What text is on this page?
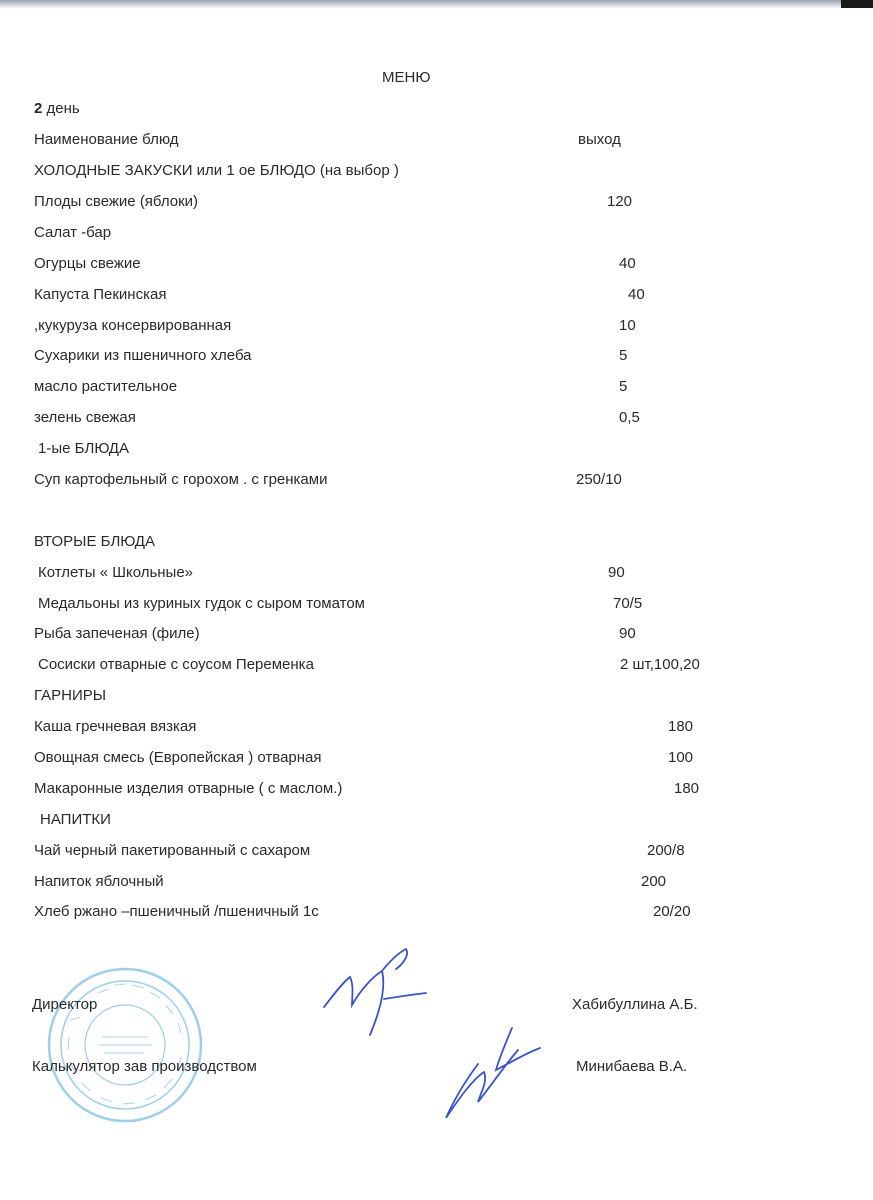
МЕНЮ
2 день
Наименование блюд	выход
ХОЛОДНЫЕ ЗАКУСКИ или 1 ое БЛЮДО (на выбор )
Плоды свежие (яблоки)	120
Салат -бар
Огурцы свежие	40
Капуста Пекинская	40
,кукуруза консервированная	10
Сухарики из пшеничного хлеба	5
масло растительное	5
зелень свежая	0,5
1-ые БЛЮДА
Суп картофельный с горохом . с гренками	250/10
ВТОРЫЕ БЛЮДА
Котлеты « Школьные»	90
Медальоны из куриных гудок с сыром томатом	70/5
Рыба запеченая (филе)	90
Сосиски отварные с соусом Переменка	2 шт,100,20
ГАРНИРЫ
Каша гречневая вязкая	180
Овощная смесь (Европейская ) отварная	100
Макаронные изделия отварные ( с маслом.)	180
НАПИТКИ
Чай черный пакетированный с сахаром	200/8
Напиток яблочный	200
Хлеб ржано –пшеничный /пшеничный 1с	20/20
Директор	Хабибуллина А.Б.
Калькулятор зав производством	Минибаева В.А.
